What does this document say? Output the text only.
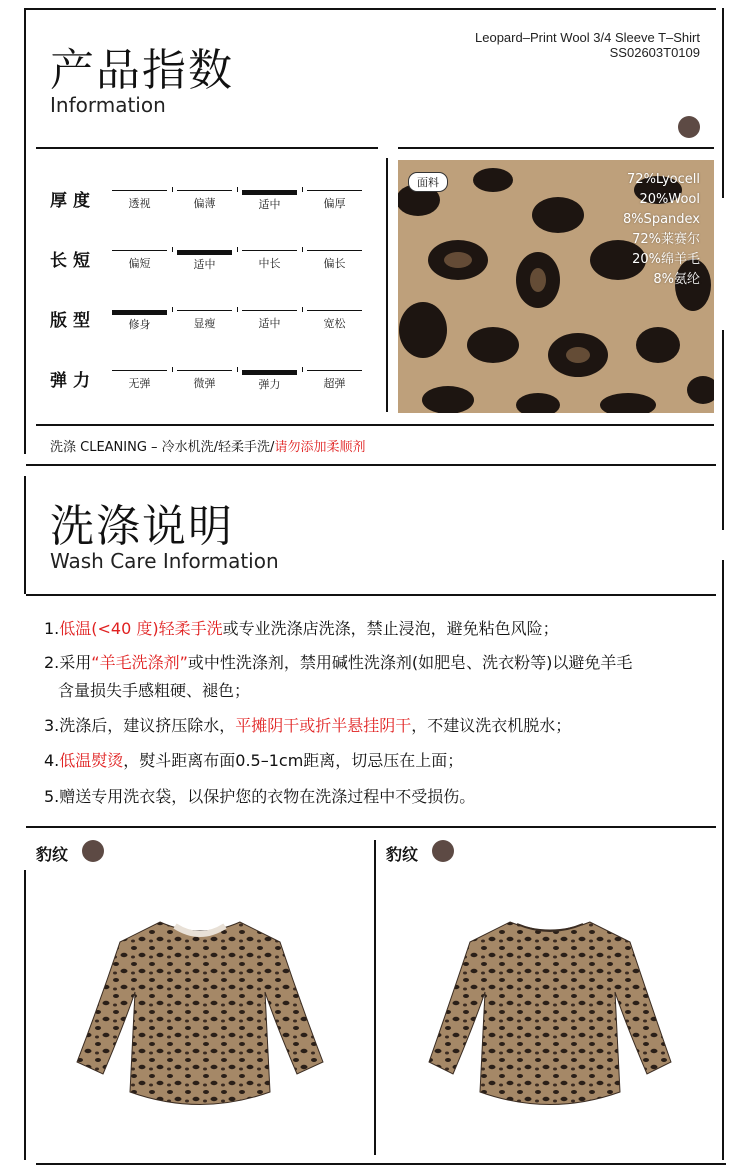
产品指数
Information
Leopard–Print Wool 3/4 Sleeve T–Shirt
SS02603T0109
厚度	透视	偏薄	适中	偏厚
长短	偏短	适中	中长	偏长
版型	修身	显瘦	适中	宽松
弹力	无弹	微弹	弹力	超弹
面料	72%Lyocell
20%Wool
8%Spandex
72%莱赛尔
20%绵羊毛
8%氨纶
洗涤 CLEANING – 冷水机洗/轻柔手洗/请勿添加柔顺剂
洗涤说明
Wash Care Information
1.低温(<40 度)轻柔手洗或专业洗涤店洗涤，禁止浸泡，避免粘色风险；
2.采用“羊毛洗涤剂”或中性洗涤剂，禁用碱性洗涤剂(如肥皂、洗衣粉等)以避免羊毛
含量损失手感粗硬、褪色；
3.洗涤后，建议挤压除水，平摊阴干或折半悬挂阴干，不建议洗衣机脱水；
4.低温熨烫，熨斗距离布面0.5–1cm距离，切忌压在上面；
5.赠送专用洗衣袋，以保护您的衣物在洗涤过程中不受损伤。
豹纹	豹纹
